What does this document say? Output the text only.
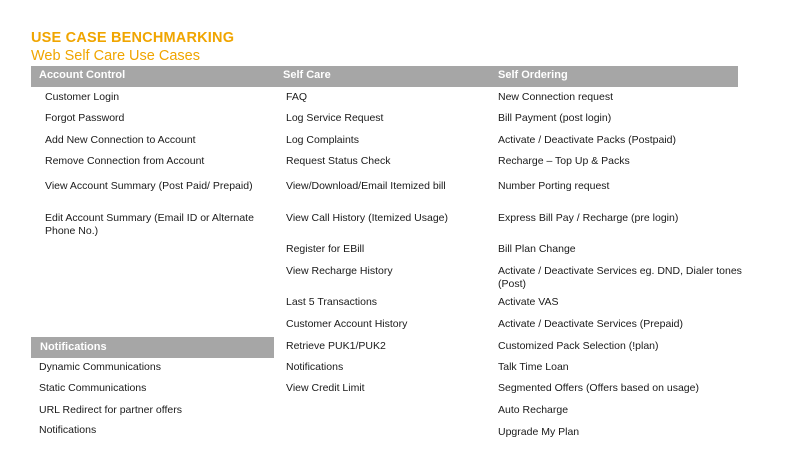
USE CASE BENCHMARKING
Web Self Care Use Cases
Account Control	Self Care	Self Ordering
Customer Login
Forgot Password
Add New Connection to Account
Remove Connection from Account
View Account Summary (Post Paid/ Prepaid)
Edit Account Summary (Email ID or Alternate Phone No.)
Notifications
Dynamic Communications
Static Communications
URL Redirect for partner offers
Notifications
FAQ
Log Service Request
Log Complaints
Request Status Check
View/Download/Email Itemized bill
View Call History (Itemized Usage)
Register for EBill
View Recharge History
Last 5 Transactions
Customer Account History
Retrieve PUK1/PUK2
Notifications
View Credit Limit
New Connection request
Bill Payment (post login)
Activate / Deactivate Packs (Postpaid)
Recharge – Top Up & Packs
Number Porting request
Express Bill Pay / Recharge (pre login)
Bill Plan Change
Activate / Deactivate Services eg. DND, Dialer tones (Post)
Activate VAS
Activate / Deactivate Services (Prepaid)
Customized Pack Selection (!plan)
Talk Time Loan
Segmented Offers (Offers based on usage)
Auto Recharge
Upgrade My Plan
